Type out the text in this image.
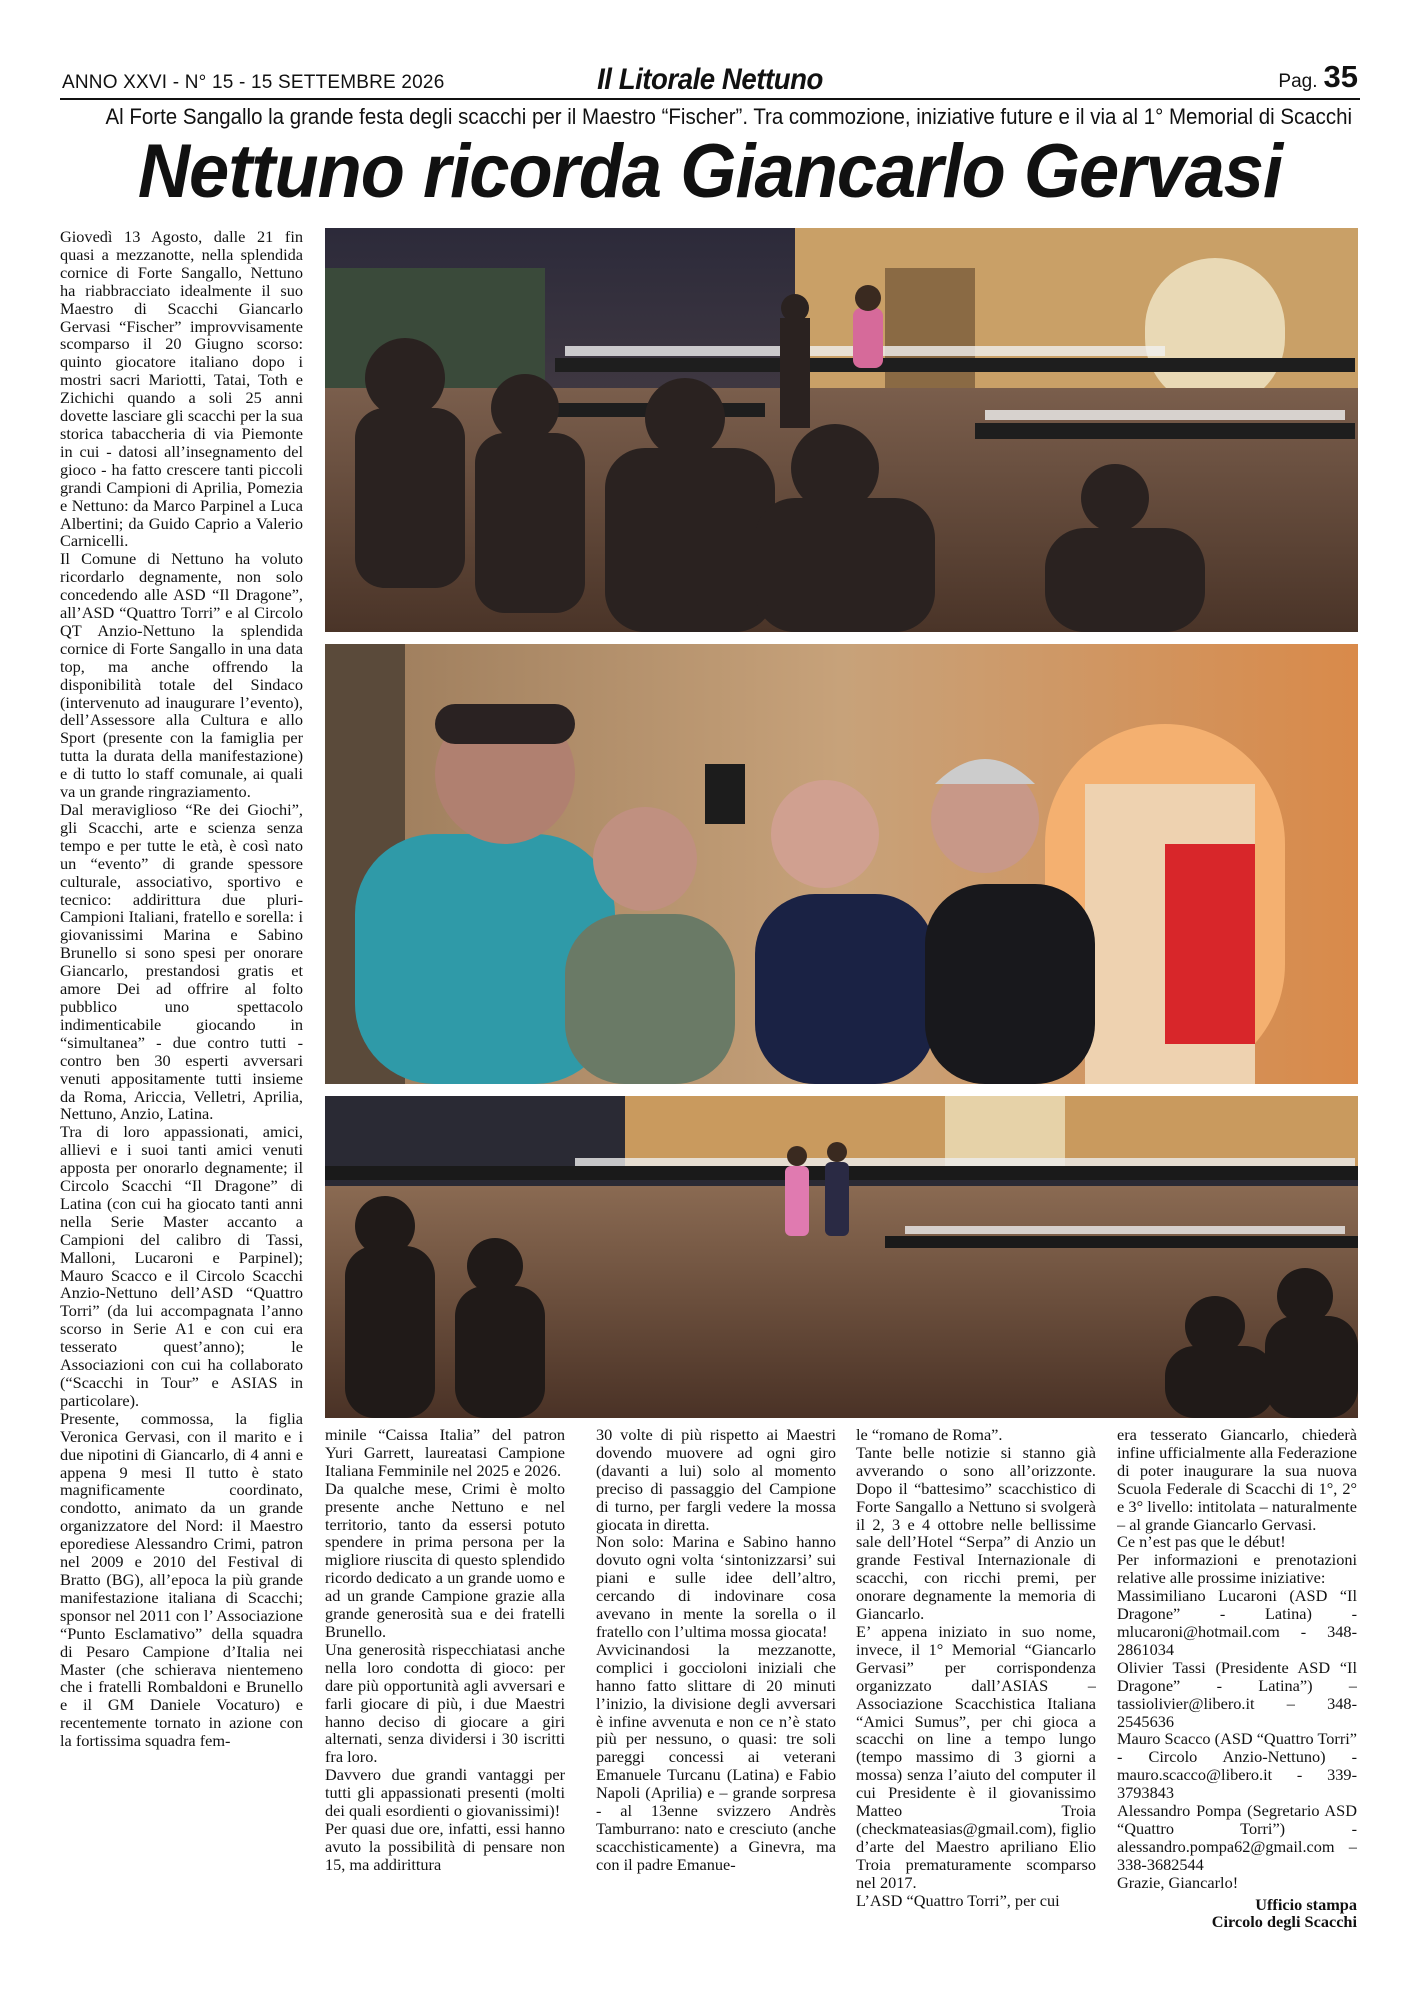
ANNO XXVI - N° 15 - 15 SETTEMBRE 2026	Il Litorale Nettuno	Pag. 35
Al Forte Sangallo la grande festa degli scacchi per il Maestro “Fischer”. Tra commozione, iniziative future e il via al 1° Memorial di Scacchi
Nettuno ricorda Giancarlo Gervasi

Giovedì 13 Agosto, dalle 21 fin quasi a mezzanotte, nella splendida cornice di Forte Sangallo, Nettuno ha riabbracciato idealmente il suo Maestro di Scacchi Giancarlo Gervasi “Fischer” improvvisamente scomparso il 20 Giugno scorso: quinto giocatore italiano dopo i mostri sacri Mariotti, Tatai, Toth e Zichichi quando a soli 25 anni dovette lasciare gli scacchi per la sua storica tabaccheria di via Piemonte in cui - datosi all’insegnamento del gioco - ha fatto crescere tanti piccoli grandi Campioni di Aprilia, Pomezia e Nettuno: da Marco Parpinel a Luca Albertini; da Guido Caprio a Valerio Carnicelli.

Il Comune di Nettuno ha voluto ricordarlo degnamente, non solo concedendo alle ASD “Il Dragone”, all’ASD “Quattro Torri” e al Circolo QT Anzio-Nettuno la splendida cornice di Forte Sangallo in una data top, ma anche offrendo la disponibilità totale del Sindaco (intervenuto ad inaugurare l’evento), dell’Assessore alla Cultura e allo Sport (presente con la famiglia per tutta la durata della manifestazione) e di tutto lo staff comunale, ai quali va un grande ringraziamento.

Dal meraviglioso “Re dei Giochi”, gli Scacchi, arte e scienza senza tempo e per tutte le età, è così nato un “evento” di grande spessore culturale, associativo, sportivo e tecnico: addirittura due pluri-Campioni Italiani, fratello e sorella: i giovanissimi Marina e Sabino Brunello si sono spesi per onorare Giancarlo, prestandosi gratis et amore Dei ad offrire al folto pubblico uno spettacolo indimenticabile giocando in “simultanea” - due contro tutti - contro ben 30 esperti avversari venuti appositamente tutti insieme da Roma, Ariccia, Velletri, Aprilia, Nettuno, Anzio, Latina.

Tra di loro appassionati, amici, allievi e i suoi tanti amici venuti apposta per onorarlo degnamente; il Circolo Scacchi “Il Dragone” di Latina (con cui ha giocato tanti anni nella Serie Master accanto a Campioni del calibro di Tassi, Malloni, Lucaroni e Parpinel); Mauro Scacco e il Circolo Scacchi Anzio-Nettuno dell’ASD “Quattro Torri” (da lui accompagnata l’anno scorso in Serie A1 e con cui era tesserato quest’anno); le Associazioni con cui ha collaborato (“Scacchi in Tour” e ASIAS in particolare).

Presente, commossa, la figlia Veronica Gervasi, con il marito e i due nipotini di Giancarlo, di 4 anni e appena 9 mesi Il tutto è stato magnificamente coordinato, condotto, animato da un grande organizzatore del Nord: il Maestro eporediese Alessandro Crimi, patron nel 2009 e 2010 del Festival di Bratto (BG), all’epoca la più grande manifestazione italiana di Scacchi; sponsor nel 2011 con l’ Associazione “Punto Esclamativo” della squadra di Pesaro Campione d’Italia nei Master (che schierava nientemeno che i fratelli Rombaldoni e Brunello e il GM Daniele Vocaturo) e recentemente tornato in azione con la fortissima squadra fem-

minile “Caissa Italia” del patron Yuri Garrett, laureatasi Campione Italiana Femminile nel 2025 e 2026.

Da qualche mese, Crimi è molto presente anche Nettuno e nel territorio, tanto da essersi potuto spendere in prima persona per la migliore riuscita di questo splendido ricordo dedicato a un grande uomo e ad un grande Campione grazie alla grande generosità sua e dei fratelli Brunello.

Una generosità rispecchiatasi anche nella loro condotta di gioco: per dare più opportunità agli avversari e farli giocare di più, i due Maestri hanno deciso di giocare a giri alternati, senza dividersi i 30 iscritti fra loro.

Davvero due grandi vantaggi per tutti gli appassionati presenti (molti dei quali esordienti o giovanissimi)!

Per quasi due ore, infatti, essi hanno avuto la possibilità di pensare non 15, ma addirittura

30 volte di più rispetto ai Maestri dovendo muovere ad ogni giro (davanti a lui) solo al momento preciso di passaggio del Campione di turno, per fargli vedere la mossa giocata in diretta.

Non solo: Marina e Sabino hanno dovuto ogni volta ‘sintonizzarsi’ sui piani e sulle idee dell’altro, cercando di indovinare cosa avevano in mente la sorella o il fratello con l’ultima mossa giocata!

Avvicinandosi la mezzanotte, complici i goccioloni iniziali che hanno fatto slittare di 20 minuti l’inizio, la divisione degli avversari è infine avvenuta e non ce n’è stato più per nessuno, o quasi: tre soli pareggi concessi ai veterani Emanuele Turcanu (Latina) e Fabio Napoli (Aprilia) e – grande sorpresa - al 13enne svizzero Andrès Tamburrano: nato e cresciuto (anche scacchisticamente) a Ginevra, ma con il padre Emanue-

le “romano de Roma”.

Tante belle notizie si stanno già avverando o sono all’orizzonte. Dopo il “battesimo” scacchistico di Forte Sangallo a Nettuno si svolgerà il 2, 3 e 4 ottobre nelle bellissime sale dell’Hotel “Serpa” di Anzio un grande Festival Internazionale di scacchi, con ricchi premi, per onorare degnamente la memoria di Giancarlo.

E’ appena iniziato in suo nome, invece, il 1° Memorial “Giancarlo Gervasi” per corrispondenza organizzato dall’ASIAS – Associazione Scacchistica Italiana “Amici Sumus”, per chi gioca a scacchi on line a tempo lungo (tempo massimo di 3 giorni a mossa) senza l’aiuto del computer il cui Presidente è il giovanissimo Matteo Troia (checkmateasias@gmail.com), figlio d’arte del Maestro apriliano Elio Troia prematuramente scomparso nel 2017.

L’ASD “Quattro Torri”, per cui

era tesserato Giancarlo, chiederà infine ufficialmente alla Federazione di poter inaugurare la sua nuova Scuola Federale di Scacchi di 1°, 2° e 3° livello: intitolata – naturalmente – al grande Giancarlo Gervasi.

Ce n’est pas que le début!

Per informazioni e prenotazioni relative alle prossime iniziative:

Massimiliano Lucaroni (ASD “Il Dragone” - Latina) - mlucaroni@hotmail.com - 348-2861034

Olivier Tassi (Presidente ASD “Il Dragone” - Latina”) – tassiolivier@libero.it – 348-2545636

Mauro Scacco (ASD “Quattro Torri” - Circolo Anzio-Nettuno) - mauro.scacco@libero.it - 339-3793843

Alessandro Pompa (Segretario ASD “Quattro Torri”) - alessandro.pompa62@gmail.com – 338-3682544

Grazie, Giancarlo!

Ufficio stampa
Circolo degli Scacchi
